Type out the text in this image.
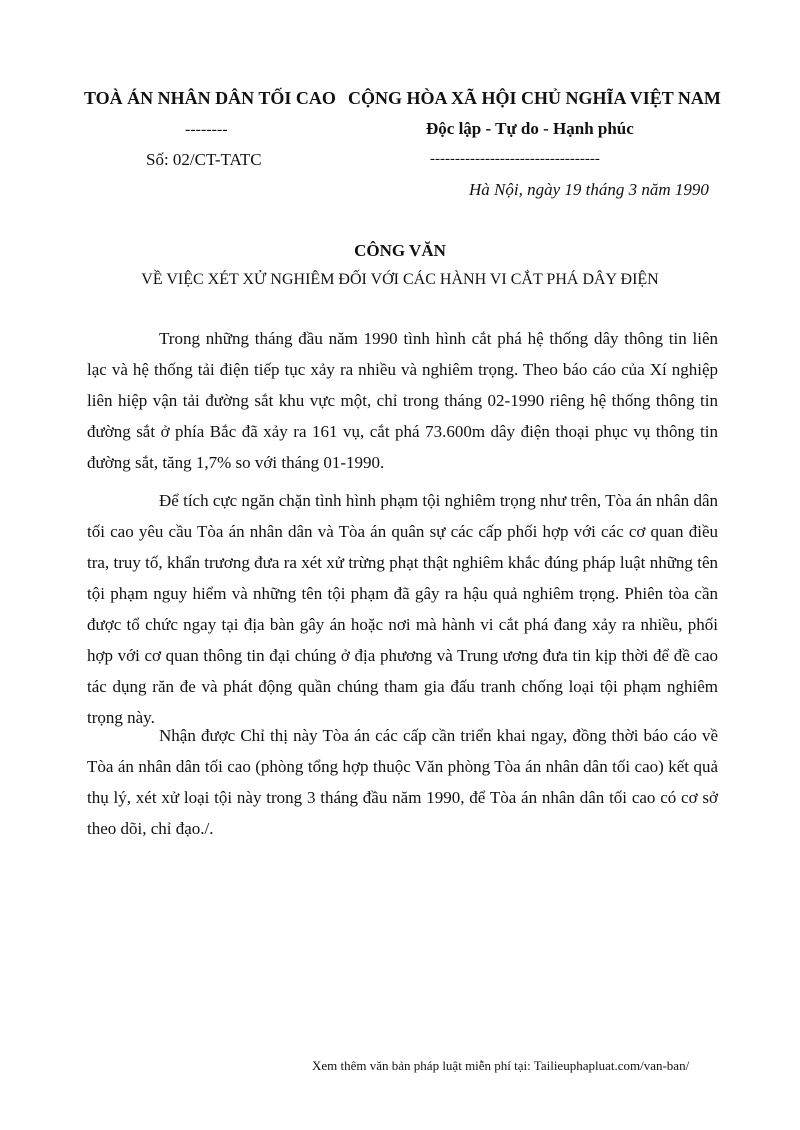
TOÀ ÁN NHÂN DÂN TỐI CAO
--------
Số: 02/CT-TATC
CỘNG HÒA XÃ HỘI CHỦ NGHĨA VIỆT NAM
Độc lập - Tự do - Hạnh phúc
----------------------------------
Hà Nội, ngày 19 tháng 3 năm 1990
CÔNG VĂN
VỀ VIỆC XÉT XỬ NGHIÊM ĐỐI VỚI CÁC HÀNH VI CẮT PHÁ DÂY ĐIỆN

Trong những tháng đầu năm 1990 tình hình cắt phá hệ thống dây thông tin liên lạc và hệ thống tải điện tiếp tục xảy ra nhiều và nghiêm trọng. Theo báo cáo của Xí nghiệp liên hiệp vận tải đường sắt khu vực một, chỉ trong tháng 02-1990 riêng hệ thống thông tin đường sắt ở phía Bắc đã xảy ra 161 vụ, cắt phá 73.600m dây điện thoại phục vụ thông tin đường sắt, tăng 1,7% so với tháng 01-1990.

Để tích cực ngăn chặn tình hình phạm tội nghiêm trọng như trên, Tòa án nhân dân tối cao yêu cầu Tòa án nhân dân và Tòa án quân sự các cấp phối hợp với các cơ quan điều tra, truy tố, khẩn trương đưa ra xét xử trừng phạt thật nghiêm khắc đúng pháp luật những tên tội phạm nguy hiểm và những tên tội phạm đã gây ra hậu quả nghiêm trọng. Phiên tòa cần được tổ chức ngay tại địa bàn gây án hoặc nơi mà hành vi cắt phá đang xảy ra nhiều, phối hợp với cơ quan thông tin đại chúng ở địa phương và Trung ương đưa tin kịp thời để đề cao tác dụng răn đe và phát động quần chúng tham gia đấu tranh chống loại tội phạm nghiêm trọng này.

Nhận được Chỉ thị này Tòa án các cấp cần triển khai ngay, đồng thời báo cáo về Tòa án nhân dân tối cao (phòng tổng hợp thuộc Văn phòng Tòa án nhân dân tối cao) kết quả thụ lý, xét xử loại tội này trong 3 tháng đầu năm 1990, để Tòa án nhân dân tối cao có cơ sở theo dõi, chỉ đạo./.

Xem thêm văn bản pháp luật miễn phí tại: Tailieuphapluat.com/van-ban/
